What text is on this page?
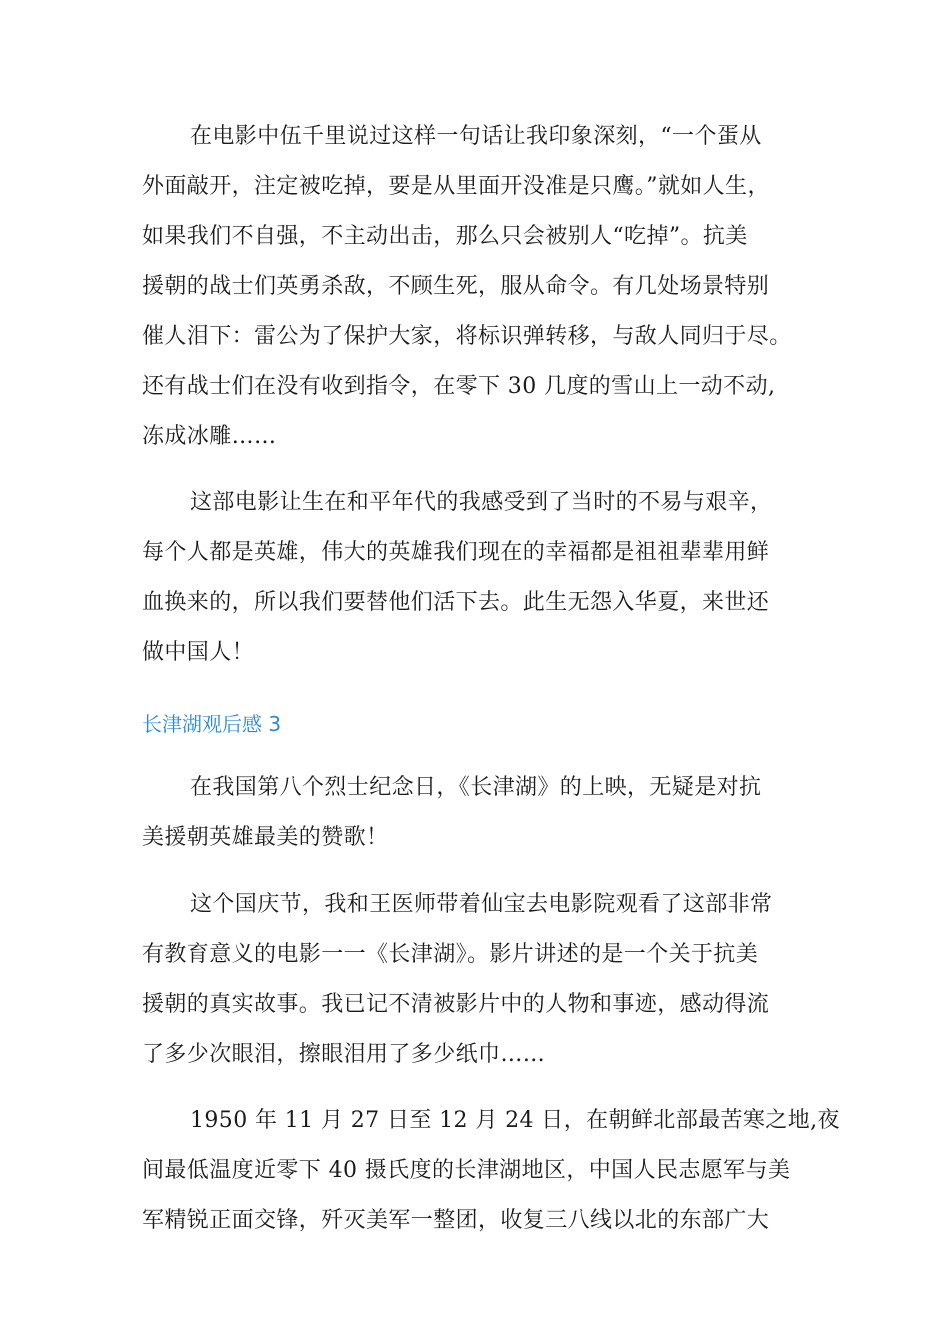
在电影中伍千里说过这样一句话让我印象深刻，“一个蛋从
外面敲开，注定被吃掉，要是从里面开没准是只鹰。”就如人生，
如果我们不自强，不主动出击，那么只会被别人“吃掉”。抗美
援朝的战士们英勇杀敌，不顾生死，服从命令。有几处场景特别
催人泪下：雷公为了保护大家，将标识弹转移，与敌人同归于尽。
还有战士们在没有收到指令，在零下 30 几度的雪山上一动不动,
冻成冰雕……
这部电影让生在和平年代的我感受到了当时的不易与艰辛，
每个人都是英雄，伟大的英雄我们现在的幸福都是祖祖辈辈用鲜
血换来的，所以我们要替他们活下去。此生无怨入华夏，来世还
做中国人！
长津湖观后感 3
在我国第八个烈士纪念日，《长津湖》的上映，无疑是对抗
美援朝英雄最美的赞歌！
这个国庆节，我和王医师带着仙宝去电影院观看了这部非常
有教育意义的电影一一《长津湖》。影片讲述的是一个关于抗美
援朝的真实故事。我已记不清被影片中的人物和事迹，感动得流
了多少次眼泪，擦眼泪用了多少纸巾……
1950 年 11 月 27 日至 12 月 24 日，在朝鲜北部最苦寒之地,夜
间最低温度近零下 40 摄氏度的长津湖地区，中国人民志愿军与美
军精锐正面交锋，歼灭美军一整团，收复三八线以北的东部广大
